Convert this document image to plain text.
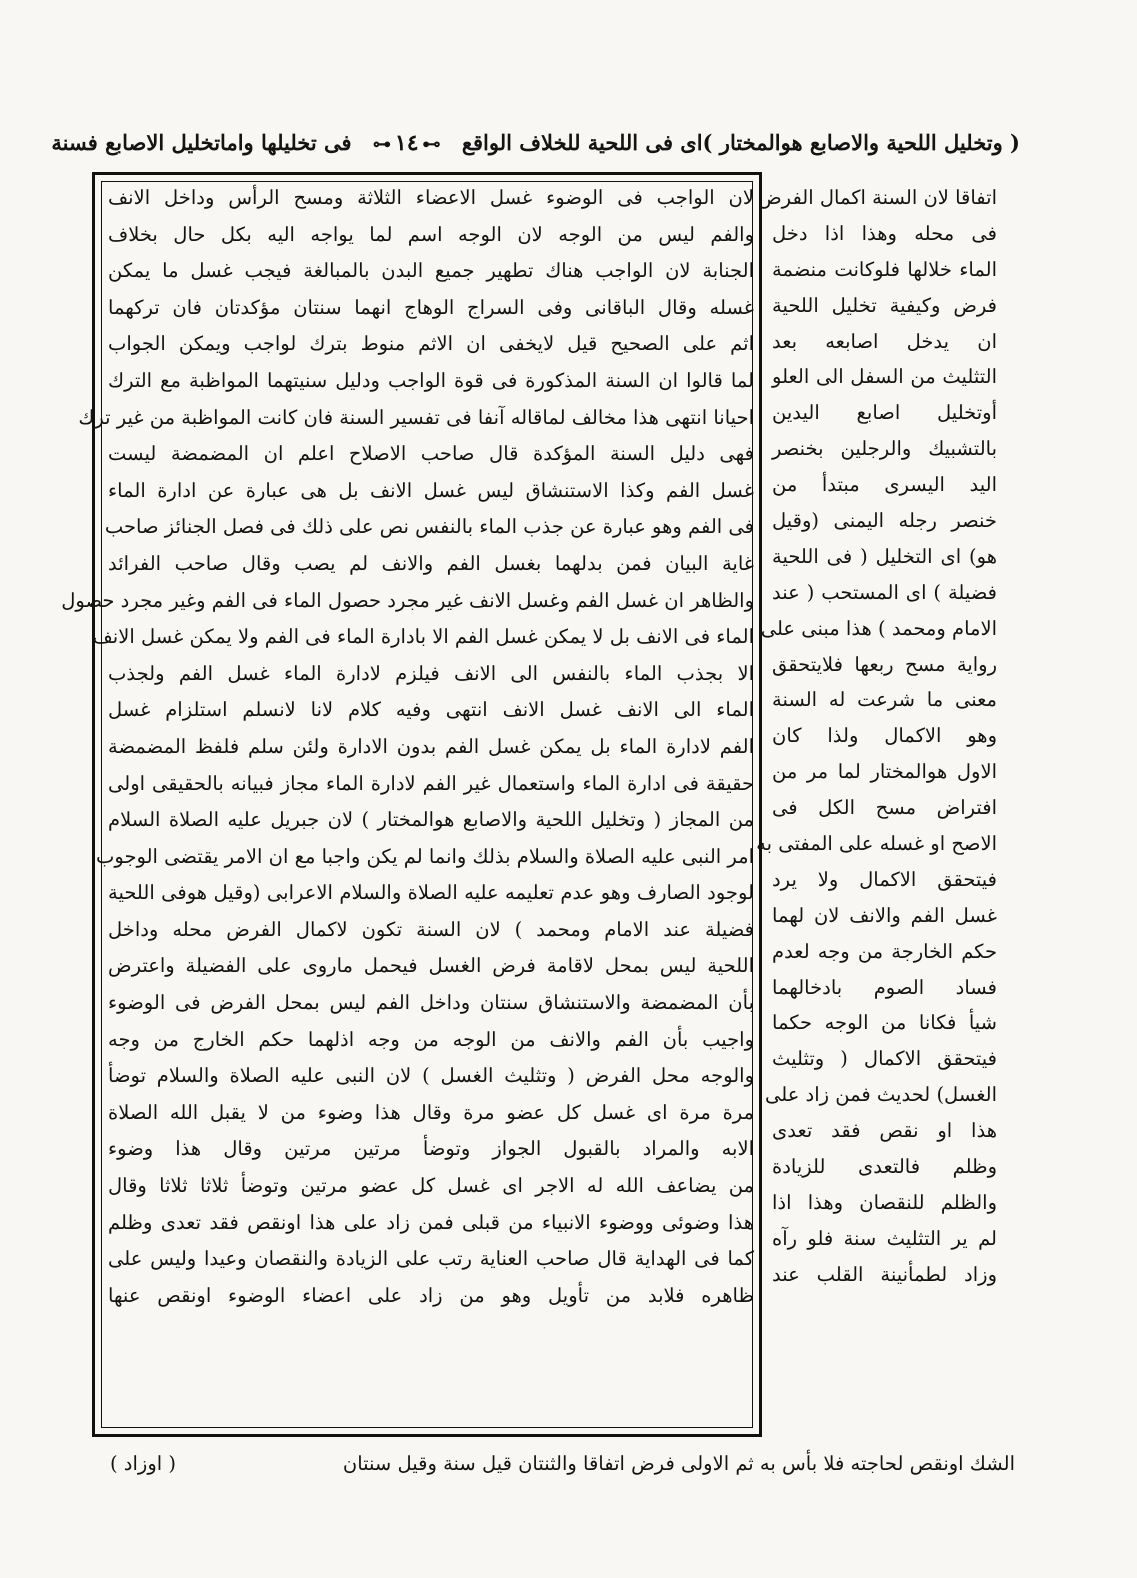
( وتخليل اللحية والاصابع هوالمختار )اى فى اللحية للخلاف الواقع ⊶١٤⊷ فى تخليلها واماتخليل الاصابع فسنة
لان الواجب فى الوضوء غسل الاعضاء الثلاثة ومسح الرأس وداخل الانف
والفم ليس من الوجه لان الوجه اسم لما يواجه اليه بكل حال بخلاف
الجنابة لان الواجب هناك تطهير جميع البدن بالمبالغة فيجب غسل ما يمكن
غسله وقال الباقانى وفى السراج الوهاج انهما سنتان مؤكدتان فان تركهما
اثم على الصحيح قيل لايخفى ان الاثم منوط بترك لواجب ويمكن الجواب
لما قالوا ان السنة المذكورة فى قوة الواجب ودليل سنيتهما المواظبة مع الترك
احيانا انتهى هذا مخالف لماقاله آنفا فى تفسير السنة فان كانت المواظبة من غير ترك
فهى دليل السنة المؤكدة قال صاحب الاصلاح اعلم ان المضمضة ليست
غسل الفم وكذا الاستنشاق ليس غسل الانف بل هى عبارة عن ادارة الماء
فى الفم وهو عبارة عن جذب الماء بالنفس نص على ذلك فى فصل الجنائز صاحب
غاية البيان فمن بدلهما بغسل الفم والانف لم يصب وقال صاحب الفرائد
والظاهر ان غسل الفم وغسل الانف غير مجرد حصول الماء فى الفم وغير مجرد حصول
الماء فى الانف بل لا يمكن غسل الفم الا بادارة الماء فى الفم ولا يمكن غسل الانف
الا بجذب الماء بالنفس الى الانف فيلزم لادارة الماء غسل الفم ولجذب
الماء الى الانف غسل الانف انتهى وفيه كلام لانا لانسلم استلزام غسل
الفم لادارة الماء بل يمكن غسل الفم بدون الادارة ولئن سلم فلفظ المضمضة
حقيقة فى ادارة الماء واستعمال غير الفم لادارة الماء مجاز فبيانه بالحقيقى اولى
من المجاز ( وتخليل اللحية والاصابع هوالمختار ) لان جبريل عليه الصلاة السلام
امر النبى عليه الصلاة والسلام بذلك وانما لم يكن واجبا مع ان الامر يقتضى الوجوب
لوجود الصارف وهو عدم تعليمه عليه الصلاة والسلام الاعرابى (وقيل هوفى اللحية
فضيلة عند الامام ومحمد ) لان السنة تكون لاكمال الفرض محله وداخل
اللحية ليس بمحل لاقامة فرض الغسل فيحمل ماروى على الفضيلة واعترض
بأن المضمضة والاستنشاق سنتان وداخل الفم ليس بمحل الفرض فى الوضوء
واجيب بأن الفم والانف من الوجه من وجه اذلهما حكم الخارج من وجه
والوجه محل الفرض ( وتثليث الغسل ) لان النبى عليه الصلاة والسلام توضأ
مرة مرة اى غسل كل عضو مرة وقال هذا وضوء من لا يقبل الله الصلاة
الابه والمراد بالقبول الجواز وتوضأ مرتين مرتين وقال هذا وضوء
من يضاعف الله له الاجر اى غسل كل عضو مرتين وتوضأ ثلاثا ثلاثا وقال
هذا وضوئى ووضوء الانبياء من قبلى فمن زاد على هذا اونقص فقد تعدى وظلم
كما فى الهداية قال صاحب العناية رتب على الزيادة والنقصان وعيدا وليس على
ظاهره فلابد من تأويل وهو من زاد على اعضاء الوضوء اونقص عنها
اتفاقا لان السنة اكمال الفرض
فى محله وهذا اذا دخل
الماء خلالها فلوكانت منضمة
فرض وكيفية تخليل اللحية
ان يدخل اصابعه بعد
التثليث من السفل الى العلو
أوتخليل اصابع اليدين
بالتشبيك والرجلين بخنصر
اليد اليسرى مبتدأ من
خنصر رجله اليمنى (وقيل
هو) اى التخليل ( فى اللحية
فضيلة ) اى المستحب ( عند
الامام ومحمد ) هذا مبنى على
رواية مسح ربعها فلايتحقق
معنى ما شرعت له السنة
وهو الاكمال ولذا كان
الاول هوالمختار لما مر من
افتراض مسح الكل فى
الاصح او غسله على المفتى به
فيتحقق الاكمال ولا يرد
غسل الفم والانف لان لهما
حكم الخارجة من وجه لعدم
فساد الصوم بادخالهما
شيأ فكانا من الوجه حكما
فيتحقق الاكمال ( وتثليث
الغسل) لحديث فمن زاد على
هذا او نقص فقد تعدى
وظلم فالتعدى للزيادة
والظلم للنقصان وهذا اذا
لم ير التثليث سنة فلو رآه
وزاد لطمأنينة القلب عند
( اوزاد )	الشك اونقص لحاجته فلا بأس به ثم الاولى فرض اتفاقا والثنتان قيل سنة وقيل سنتان
